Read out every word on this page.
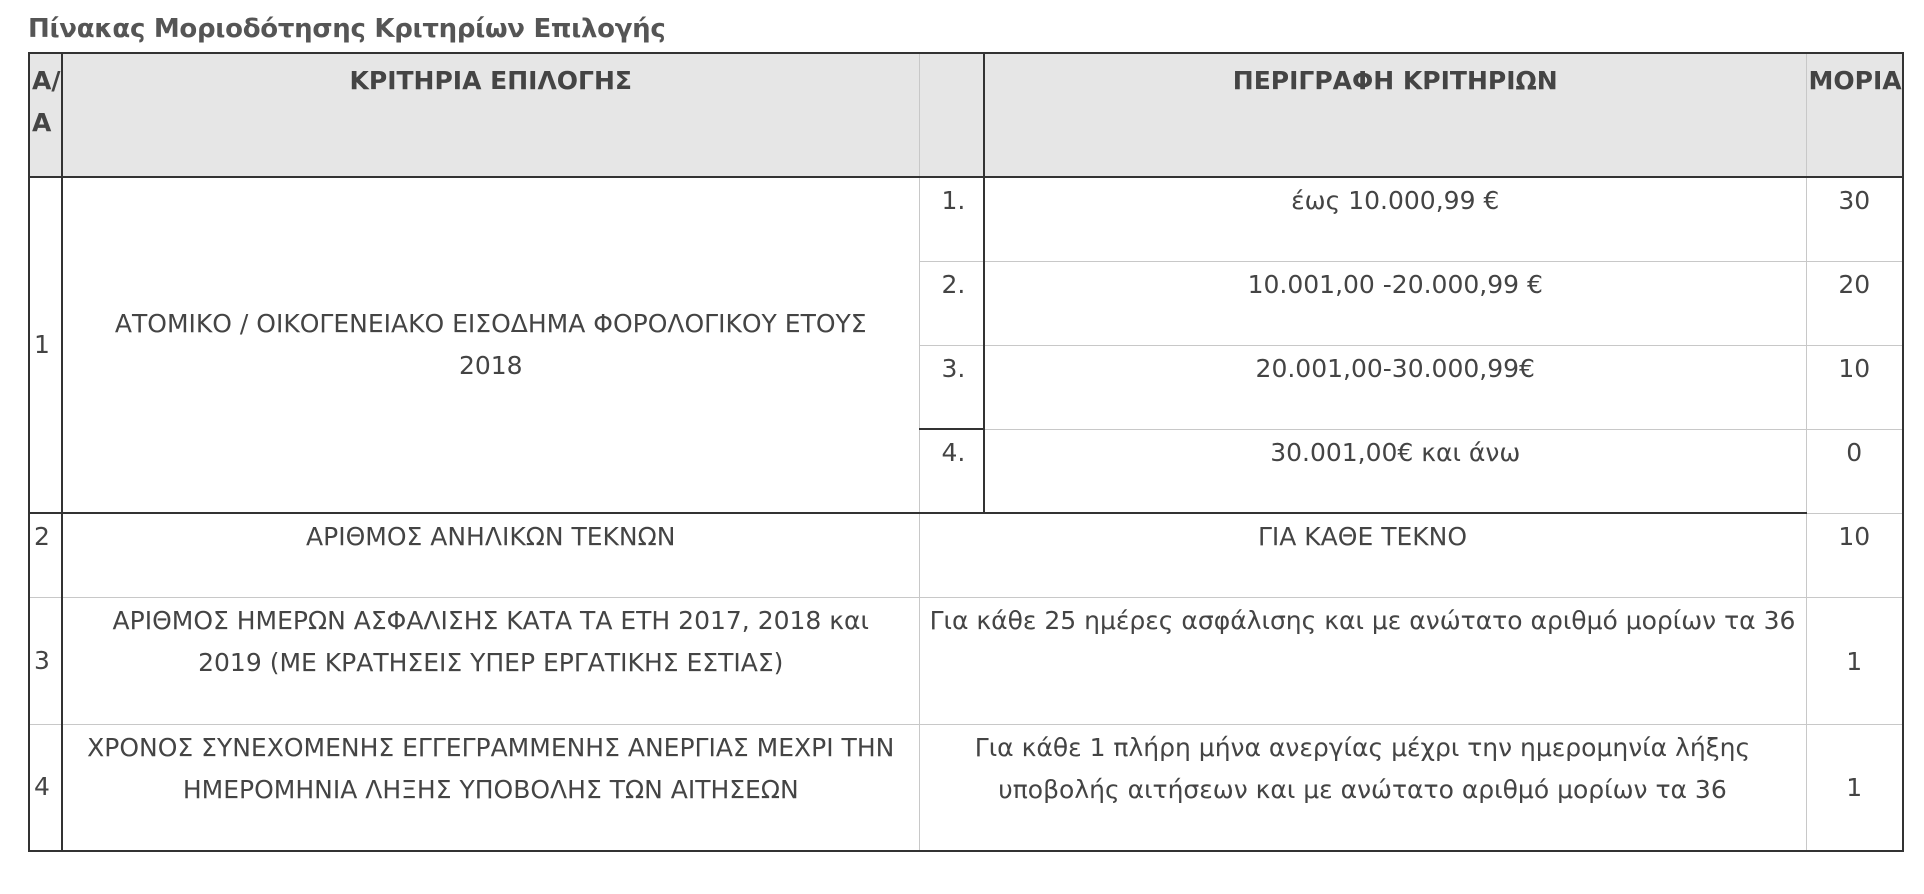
Πίνακας Μοριοδότησης Κριτηρίων Επιλογής
Α/Α	ΚΡΙΤΗΡΙΑ ΕΠΙΛΟΓΗΣ		ΠΕΡΙΓΡΑΦΗ ΚΡΙΤΗΡΙΩΝ	ΜΟΡΙΑ
1	ΑΤΟΜΙΚΟ / ΟΙΚΟΓΕΝΕΙΑΚΟ ΕΙΣΟΔΗΜΑ ΦΟΡΟΛΟΓΙΚΟΥ ΕΤΟΥΣ 2018	1.	έως 10.000,99 €	30
		2.	10.001,00 -20.000,99 €	20
		3.	20.001,00-30.000,99€	10
		4.	30.001,00€ και άνω	0
2	ΑΡΙΘΜΟΣ ΑΝΗΛΙΚΩΝ ΤΕΚΝΩΝ	ΓΙΑ ΚΑΘΕ ΤΕΚΝΟ		10
3	ΑΡΙΘΜΟΣ ΗΜΕΡΩΝ ΑΣΦΑΛΙΣΗΣ ΚΑΤΑ ΤΑ ΕΤΗ 2017, 2018 και 2019 (ΜΕ ΚΡΑΤΗΣΕΙΣ ΥΠΕΡ ΕΡΓΑΤΙΚΗΣ ΕΣΤΙΑΣ)	Για κάθε 25 ημέρες ασφάλισης και με ανώτατο αριθμό μορίων τα 36		1
4	ΧΡΟΝΟΣ ΣΥΝΕΧΟΜΕΝΗΣ ΕΓΓΕΓΡΑΜΜΕΝΗΣ ΑΝΕΡΓΙΑΣ ΜΕΧΡΙ ΤΗΝ ΗΜΕΡΟΜΗΝΙΑ ΛΗΞΗΣ ΥΠΟΒΟΛΗΣ ΤΩΝ ΑΙΤΗΣΕΩΝ	Για κάθε 1 πλήρη μήνα ανεργίας μέχρι την ημερομηνία λήξης υποβολής αιτήσεων και με ανώτατο αριθμό μορίων τα 36		1
